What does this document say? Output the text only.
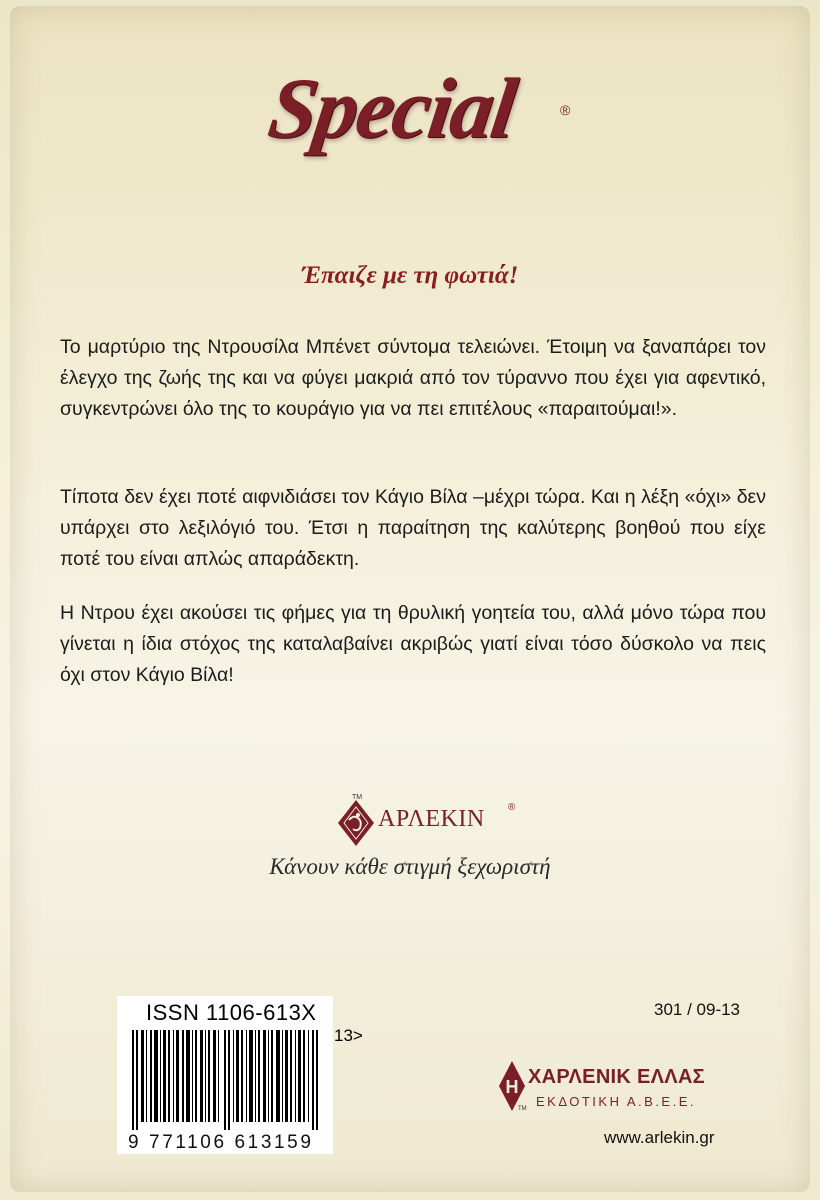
Special	®
Έπαιζε με τη φωτιά!

Το μαρτύριο της Ντρουσίλα Μπένετ σύντομα τελειώνει. Έτοιμη να ξαναπάρει τον έλεγχο της ζωής της και να φύγει μακριά από τον τύραννο που έχει για αφεντικό, συγκεντρώνει όλο της το κουράγιο για να πει επιτέλους «παραιτούμαι!».

Τίποτα δεν έχει ποτέ αιφνιδιάσει τον Κάγιο Βίλα –μέχρι τώρα. Και η λέξη «όχι» δεν υπάρχει στο λεξιλόγιό του. Έτσι η παραίτηση της καλύτερης βοηθού που είχε ποτέ του είναι απλώς απαράδεκτη.

Η Ντρου έχει ακούσει τις φήμες για τη θρυλική γοητεία του, αλλά μόνο τώρα που γίνεται η ίδια στόχος της καταλαβαίνει ακριβώς γιατί είναι τόσο δύσκολο να πεις όχι στον Κάγιο Βίλα!

TM
ΑΡΛΕΚΙΝ ®
Κάνουν κάθε στιγμή ξεχωριστή
ISSN 1106-613X
13>
9 771106 613159
301 / 09-13
H
TM
ΧΑΡΛΕΝΙΚ ΕΛΛΑΣ
ΕΚΔΟΤΙΚΗ Α.Β.Ε.Ε.
www.arlekin.gr
